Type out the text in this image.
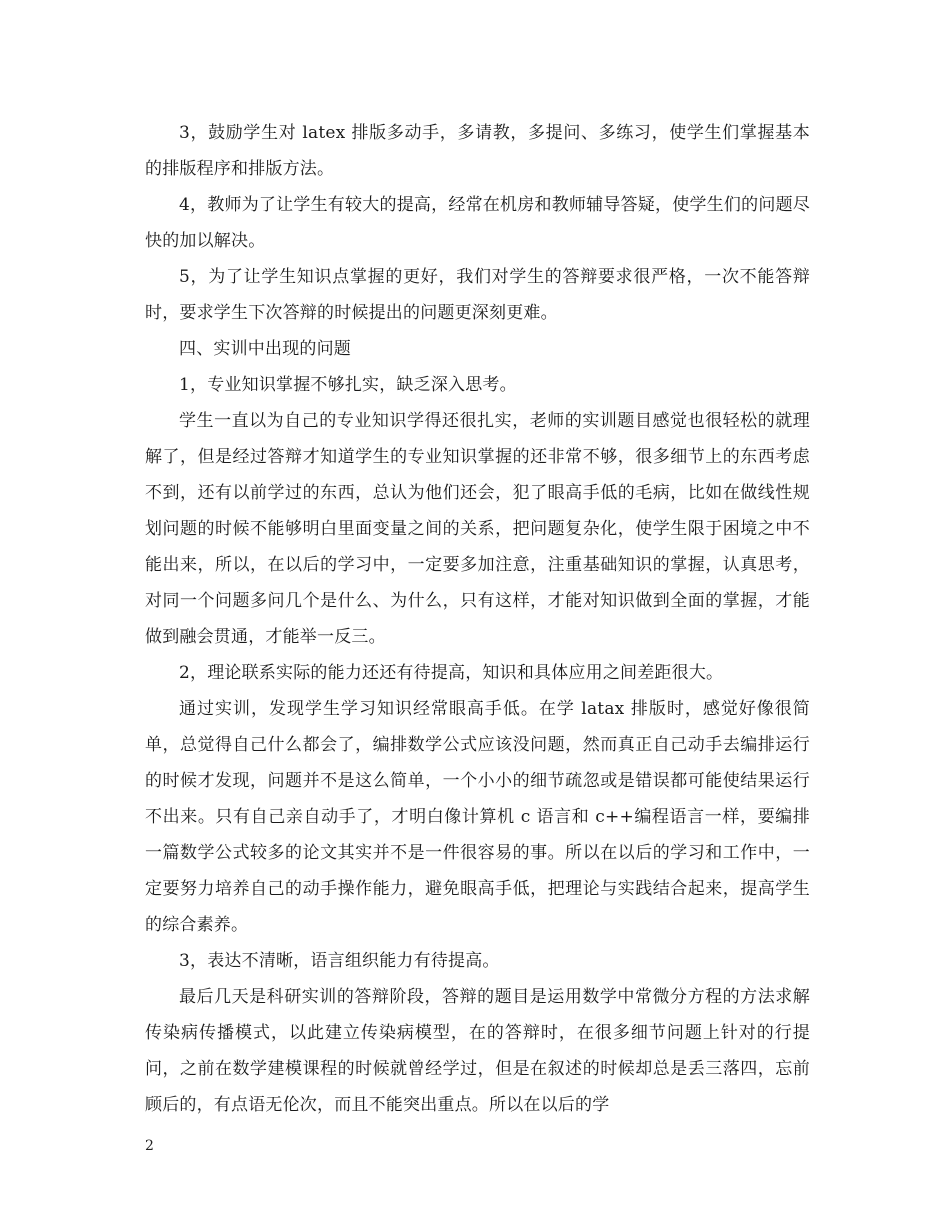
3，鼓励学生对 latex 排版多动手，多请教，多提问、多练习，使学生们掌握基本的排版程序和排版方法。

4，教师为了让学生有较大的提高，经常在机房和教师辅导答疑，使学生们的问题尽快的加以解决。

5，为了让学生知识点掌握的更好，我们对学生的答辩要求很严格，一次不能答辩时，要求学生下次答辩的时候提出的问题更深刻更难。

四、实训中出现的问题

1，专业知识掌握不够扎实，缺乏深入思考。

学生一直以为自己的专业知识学得还很扎实，老师的实训题目感觉也很轻松的就理解了，但是经过答辩才知道学生的专业知识掌握的还非常不够，很多细节上的东西考虑不到，还有以前学过的东西，总认为他们还会，犯了眼高手低的毛病，比如在做线性规划问题的时候不能够明白里面变量之间的关系，把问题复杂化，使学生限于困境之中不能出来，所以，在以后的学习中，一定要多加注意，注重基础知识的掌握，认真思考，对同一个问题多问几个是什么、为什么，只有这样，才能对知识做到全面的掌握，才能做到融会贯通，才能举一反三。

2，理论联系实际的能力还还有待提高，知识和具体应用之间差距很大。

通过实训，发现学生学习知识经常眼高手低。在学 latax 排版时，感觉好像很简单，总觉得自己什么都会了，编排数学公式应该没问题，然而真正自己动手去编排运行的时候才发现，问题并不是这么简单，一个小小的细节疏忽或是错误都可能使结果运行不出来。只有自己亲自动手了，才明白像计算机 c 语言和 c++编程语言一样，要编排一篇数学公式较多的论文其实并不是一件很容易的事。所以在以后的学习和工作中，一定要努力培养自己的动手操作能力，避免眼高手低，把理论与实践结合起来，提高学生的综合素养。

3，表达不清晰，语言组织能力有待提高。

最后几天是科研实训的答辩阶段，答辩的题目是运用数学中常微分方程的方法求解传染病传播模式，以此建立传染病模型，在的答辩时，在很多细节问题上针对的行提问，之前在数学建模课程的时候就曾经学过，但是在叙述的时候却总是丢三落四，忘前顾后的，有点语无伦次，而且不能突出重点。所以在以后的学

2
